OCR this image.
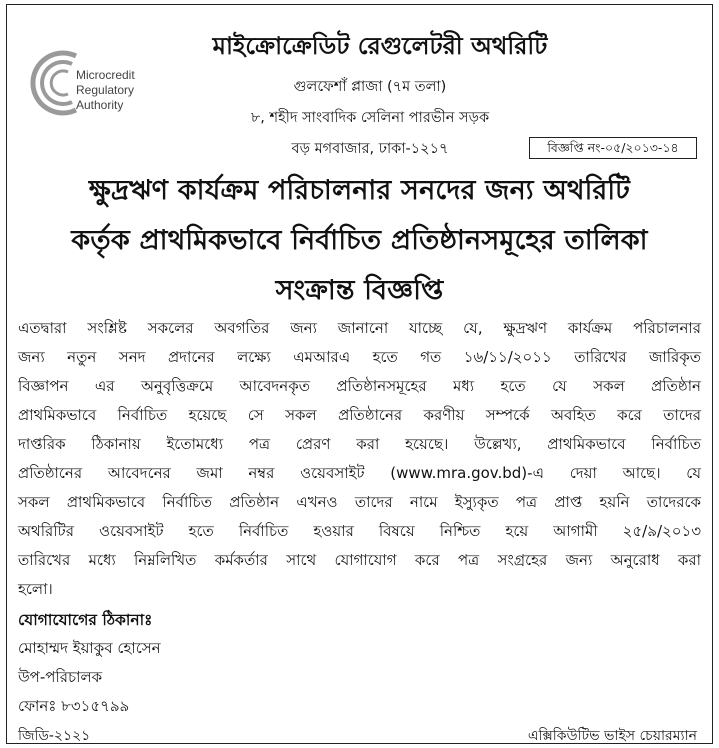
Microcredit
Regulatory
Authority
মাইক্রোক্রেডিট রেগুলেটরী অথরিটি
গুলফেশাঁ প্লাজা (৭ম তলা)
৮, শহীদ সাংবাদিক সেলিনা পারভীন সড়ক
বড় মগবাজার, ঢাকা-১২১৭	বিজ্ঞপ্তি নং-০৫/২০১৩-১৪
ক্ষুদ্রঋণ কার্যক্রম পরিচালনার সনদের জন্য অথরিটি
কর্তৃক প্রাথমিকভাবে নির্বাচিত প্রতিষ্ঠানসমূহের তালিকা
সংক্রান্ত বিজ্ঞপ্তি
এতদ্বারা সংশ্লিষ্ট সকলের অবগতির জন্য জানানো যাচ্ছে যে, ক্ষুদ্রঋণ কার্যক্রম পরিচালনার
জন্য নতুন সনদ প্রদানের লক্ষ্যে এমআরএ হতে গত ১৬/১১/২০১১ তারিখের জারিকৃত
বিজ্ঞাপন এর অনুবৃত্তিক্রমে আবেদনকৃত প্রতিষ্ঠানসমূহের মধ্য হতে যে সকল প্রতিষ্ঠান
প্রাথমিকভাবে নির্বাচিত হয়েছে সে সকল প্রতিষ্ঠানের করণীয় সম্পর্কে অবহিত করে তাদের
দাপ্তরিক ঠিকানায় ইতোমধ্যে পত্র প্রেরণ করা হয়েছে। উল্লেখ্য, প্রাথমিকভাবে নির্বাচিত
প্রতিষ্ঠানের আবেদনের জমা নম্বর ওয়েবসাইট (www.mra.gov.bd)-এ দেয়া আছে। যে
সকল প্রাথমিকভাবে নির্বাচিত প্রতিষ্ঠান এখনও তাদের নামে ইস্যুকৃত পত্র প্রাপ্ত হয়নি তাদেরকে
অথরিটির ওয়েবসাইট হতে নির্বাচিত হওয়ার বিষয়ে নিশ্চিত হয়ে আগামী ২৫/৯/২০১৩
তারিখের মধ্যে নিম্নলিখিত কর্মকর্তার সাথে যোগাযোগ করে পত্র সংগ্রহের জন্য অনুরোধ করা
হলো।
যোগাযোগের ঠিকানাঃ
মোহাম্মদ ইয়াকুব হোসেন
উপ-পরিচালক
ফোনঃ ৮৩১৫৭৯৯
জিডি-২১২১	এক্সিকিউটিভ ভাইস চেয়ারম্যান
